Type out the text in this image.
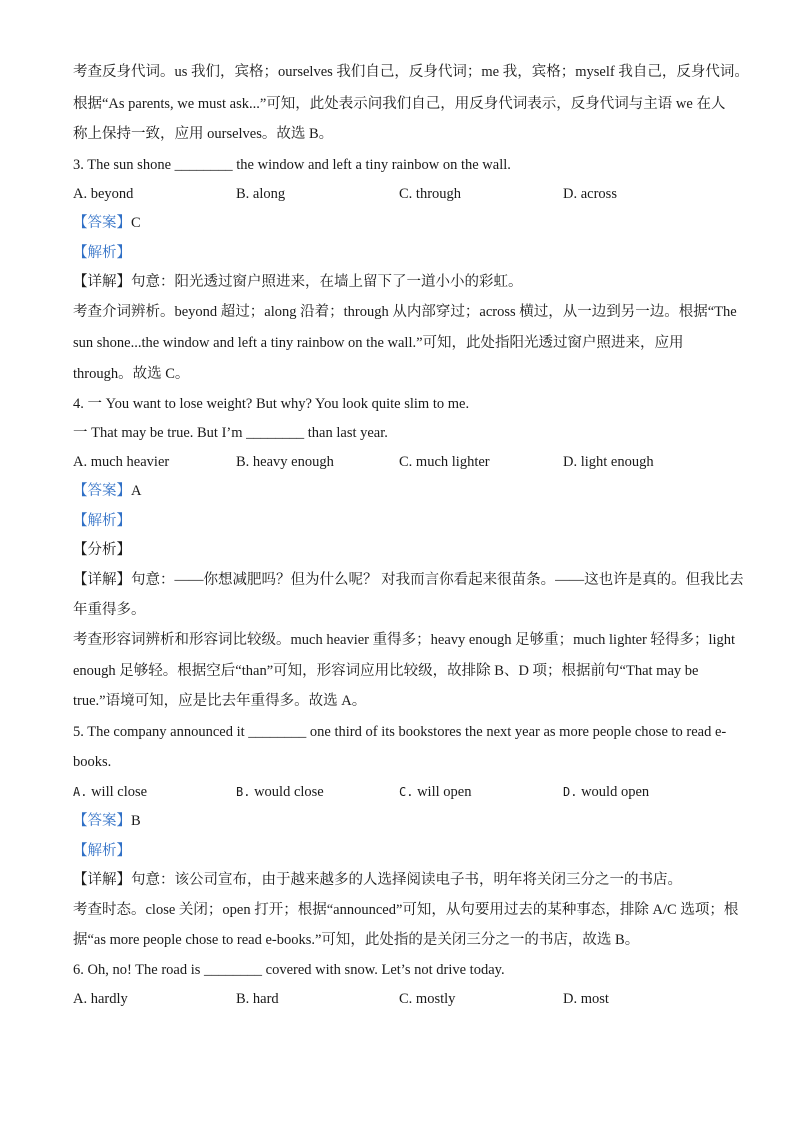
考查反身代词。us 我们，宾格；ourselves 我们自己，反身代词；me 我，宾格；myself 我自己，反身代词。
根据“As parents, we must ask...”可知，此处表示问我们自己，用反身代词表示，反身代词与主语 we 在人
称上保持一致，应用 ourselves。故选 B。
3. The sun shone ________ the window and left a tiny rainbow on the wall.
A. beyond	B. along	C. through	D. across
【答案】C
【解析】
【详解】句意：阳光透过窗户照进来，在墙上留下了一道小小的彩虹。
考查介词辨析。beyond 超过；along 沿着；through 从内部穿过；across 横过，从一边到另一边。根据“The
sun shone...the window and left a tiny rainbow on the wall.”可知，此处指阳光透过窗户照进来，应用
through。故选 C。
4. 一 You want to lose weight? But why? You look quite slim to me.
一 That may be true. But I’m ________ than last year.
A. much heavier	B. heavy enough	C. much lighter	D. light enough
【答案】A
【解析】
【分析】
【详解】句意：——你想减肥吗？但为什么呢？ 对我而言你看起来很苗条。——这也许是真的。但我比去
年重得多。
考查形容词辨析和形容词比较级。much heavier 重得多；heavy enough 足够重；much lighter 轻得多；light
enough 足够轻。根据空后“than”可知，形容词应用比较级，故排除 B、D 项；根据前句“That may be
true.”语境可知，应是比去年重得多。故选 A。
5. The company announced it ________ one third of its bookstores the next year as more people chose to read e-
books.
A. will close	B. would close	C. will open	D. would open
【答案】B
【解析】
【详解】句意：该公司宣布，由于越来越多的人选择阅读电子书，明年将关闭三分之一的书店。
考查时态。close 关闭；open 打开；根据“announced”可知，从句要用过去的某种事态，排除 A/C 选项；根
据“as more people chose to read e-books.”可知，此处指的是关闭三分之一的书店，故选 B。
6. Oh, no! The road is ________ covered with snow. Let’s not drive today.
A. hardly	B. hard	C. mostly	D. most
